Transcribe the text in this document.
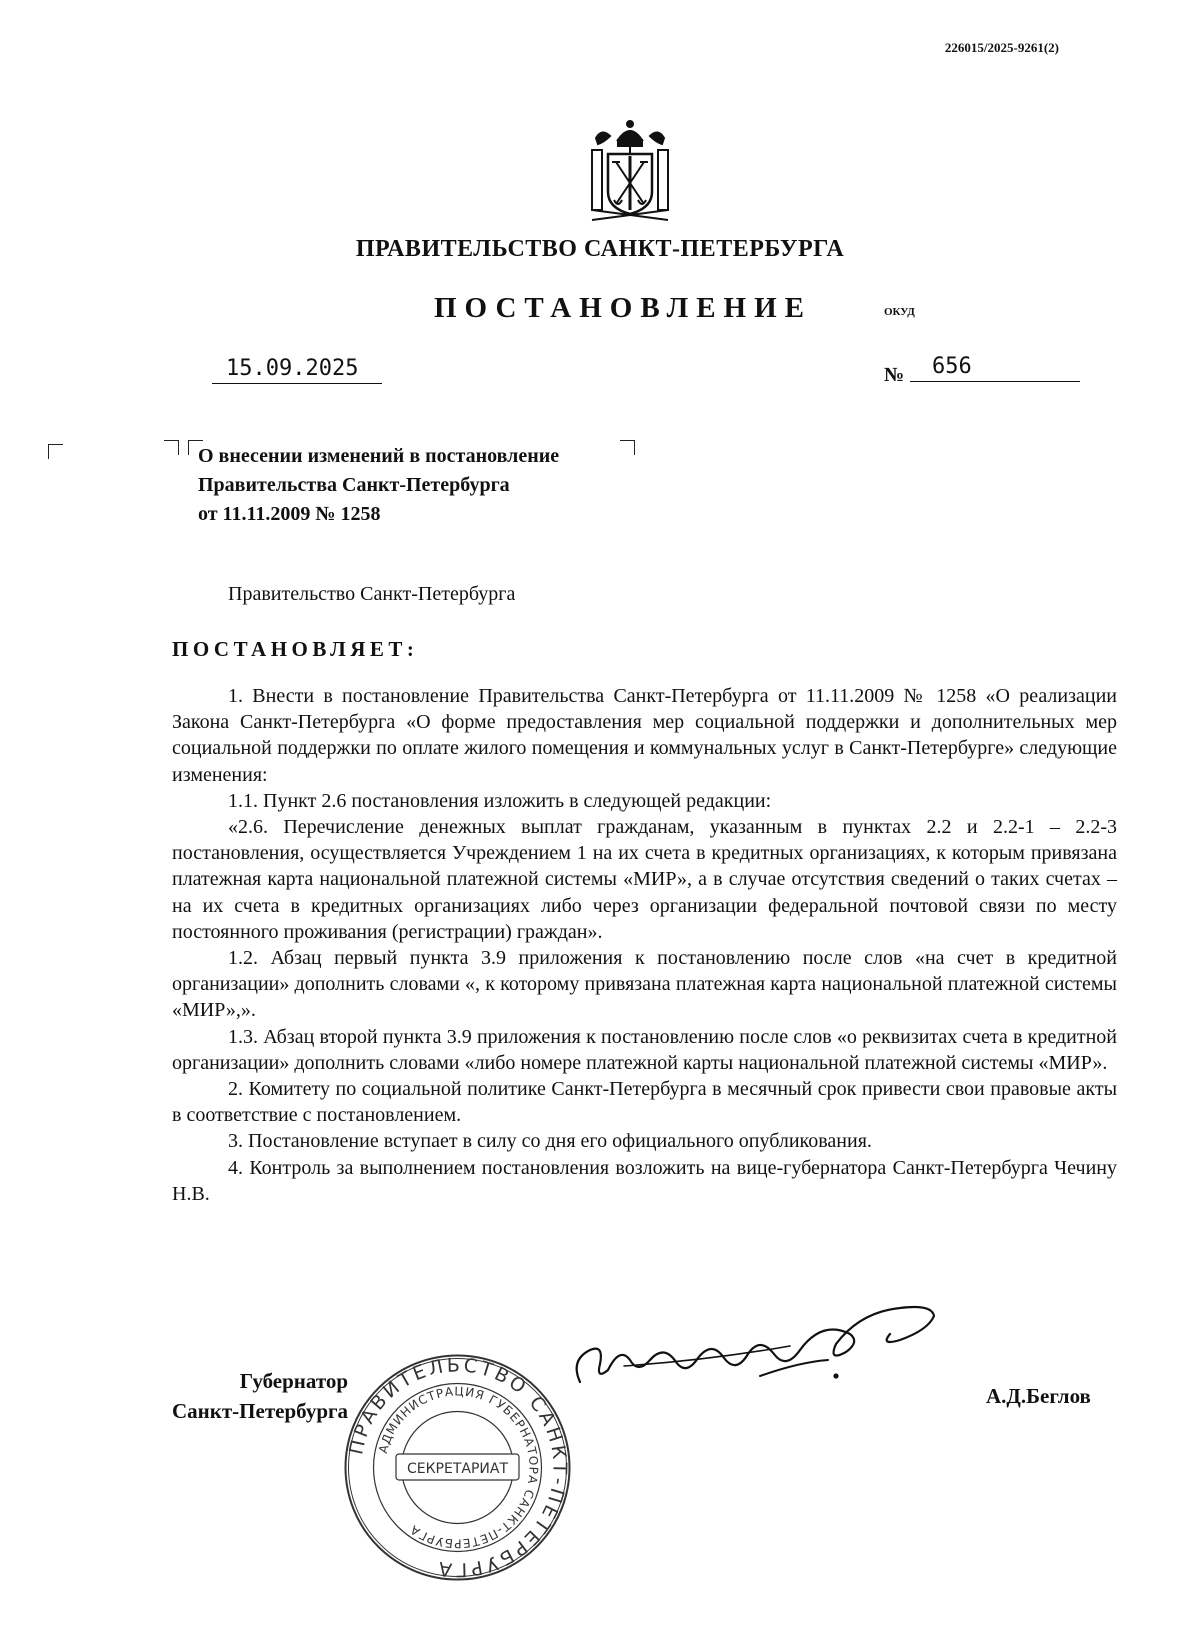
226015/2025-9261(2)
ПРАВИТЕЛЬСТВО САНКТ-ПЕТЕРБУРГА
ПОСТАНОВЛЕНИЕ	ОКУД
15.09.2025	№	656
О внесении изменений в постановление
Правительства Санкт-Петербурга
от 11.11.2009 № 1258
Правительство Санкт-Петербурга
ПОСТАНОВЛЯЕТ:

1. Внести в постановление Правительства Санкт-Петербурга от 11.11.2009 № 1258 «О реализации Закона Санкт-Петербурга «О форме предоставления мер социальной поддержки и дополнительных мер социальной поддержки по оплате жилого помещения и коммунальных услуг в Санкт-Петербурге» следующие изменения:

1.1. Пункт 2.6 постановления изложить в следующей редакции:

«2.6. Перечисление денежных выплат гражданам, указанным в пунктах 2.2 и 2.2-1 – 2.2-3 постановления, осуществляется Учреждением 1 на их счета в кредитных организациях, к которым привязана платежная карта национальной платежной системы «МИР», а в случае отсутствия сведений о таких счетах – на их счета в кредитных организациях либо через организации федеральной почтовой связи по месту постоянного проживания (регистрации) граждан».

1.2. Абзац первый пункта 3.9 приложения к постановлению после слов «на счет в кредитной организации» дополнить словами «, к которому привязана платежная карта национальной платежной системы «МИР»,».

1.3. Абзац второй пункта 3.9 приложения к постановлению после слов «о реквизитах счета в кредитной организации» дополнить словами «либо номере платежной карты национальной платежной системы «МИР».

2. Комитету по социальной политике Санкт-Петербурга в месячный срок привести свои правовые акты в соответствие с постановлением.

3. Постановление вступает в силу со дня его официального опубликования.

4. Контроль за выполнением постановления возложить на вице-губернатора Санкт-Петербурга Чечину Н.В.

Губернатор
Санкт-Петербурга
ПРАВИТЕЛЬСТВО САНКТ-ПЕТЕРБУРГА
АДМИНИСТРАЦИЯ ГУБЕРНАТОРА САНКТ-ПЕТЕРБУРГА
СЕКРЕТАРИАТ
А.Д.Беглов
